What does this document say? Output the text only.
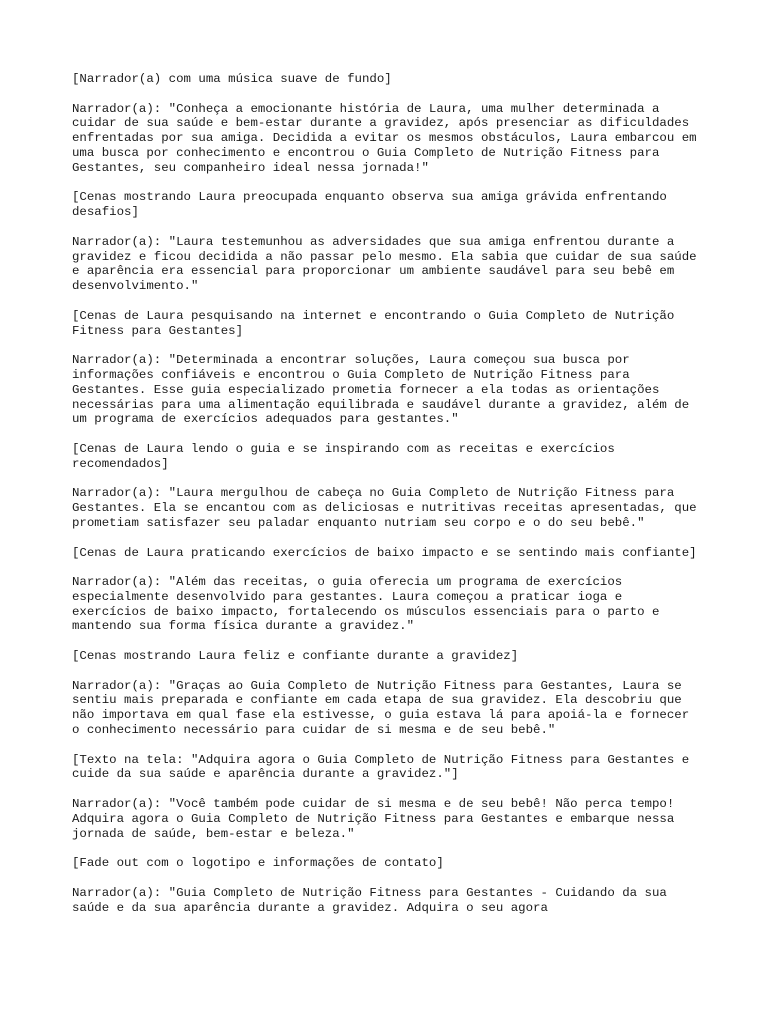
[Narrador(a) com uma música suave de fundo]

Narrador(a): "Conheça a emocionante história de Laura, uma mulher determinada a cuidar de sua saúde e bem-estar durante a gravidez, após presenciar as dificuldades enfrentadas por sua amiga. Decidida a evitar os mesmos obstáculos, Laura embarcou em uma busca por conhecimento e encontrou o Guia Completo de Nutrição Fitness para Gestantes, seu companheiro ideal nessa jornada!"

[Cenas mostrando Laura preocupada enquanto observa sua amiga grávida enfrentando desafios]

Narrador(a): "Laura testemunhou as adversidades que sua amiga enfrentou durante a gravidez e ficou decidida a não passar pelo mesmo. Ela sabia que cuidar de sua saúde e aparência era essencial para proporcionar um ambiente saudável para seu bebê em desenvolvimento."

[Cenas de Laura pesquisando na internet e encontrando o Guia Completo de Nutrição Fitness para Gestantes]

Narrador(a): "Determinada a encontrar soluções, Laura começou sua busca por informações confiáveis e encontrou o Guia Completo de Nutrição Fitness para Gestantes. Esse guia especializado prometia fornecer a ela todas as orientações necessárias para uma alimentação equilibrada e saudável durante a gravidez, além de um programa de exercícios adequados para gestantes."

[Cenas de Laura lendo o guia e se inspirando com as receitas e exercícios recomendados]

Narrador(a): "Laura mergulhou de cabeça no Guia Completo de Nutrição Fitness para Gestantes. Ela se encantou com as deliciosas e nutritivas receitas apresentadas, que prometiam satisfazer seu paladar enquanto nutriam seu corpo e o do seu bebê."

[Cenas de Laura praticando exercícios de baixo impacto e se sentindo mais confiante]

Narrador(a): "Além das receitas, o guia oferecia um programa de exercícios especialmente desenvolvido para gestantes. Laura começou a praticar ioga e exercícios de baixo impacto, fortalecendo os músculos essenciais para o parto e mantendo sua forma física durante a gravidez."

[Cenas mostrando Laura feliz e confiante durante a gravidez]

Narrador(a): "Graças ao Guia Completo de Nutrição Fitness para Gestantes, Laura se sentiu mais preparada e confiante em cada etapa de sua gravidez. Ela descobriu que não importava em qual fase ela estivesse, o guia estava lá para apoiá-la e fornecer o conhecimento necessário para cuidar de si mesma e de seu bebê."

[Texto na tela: "Adquira agora o Guia Completo de Nutrição Fitness para Gestantes e cuide da sua saúde e aparência durante a gravidez."]

Narrador(a): "Você também pode cuidar de si mesma e de seu bebê! Não perca tempo! Adquira agora o Guia Completo de Nutrição Fitness para Gestantes e embarque nessa jornada de saúde, bem-estar e beleza."

[Fade out com o logotipo e informações de contato]

Narrador(a): "Guia Completo de Nutrição Fitness para Gestantes - Cuidando da sua saúde e da sua aparência durante a gravidez. Adquira o seu agora
